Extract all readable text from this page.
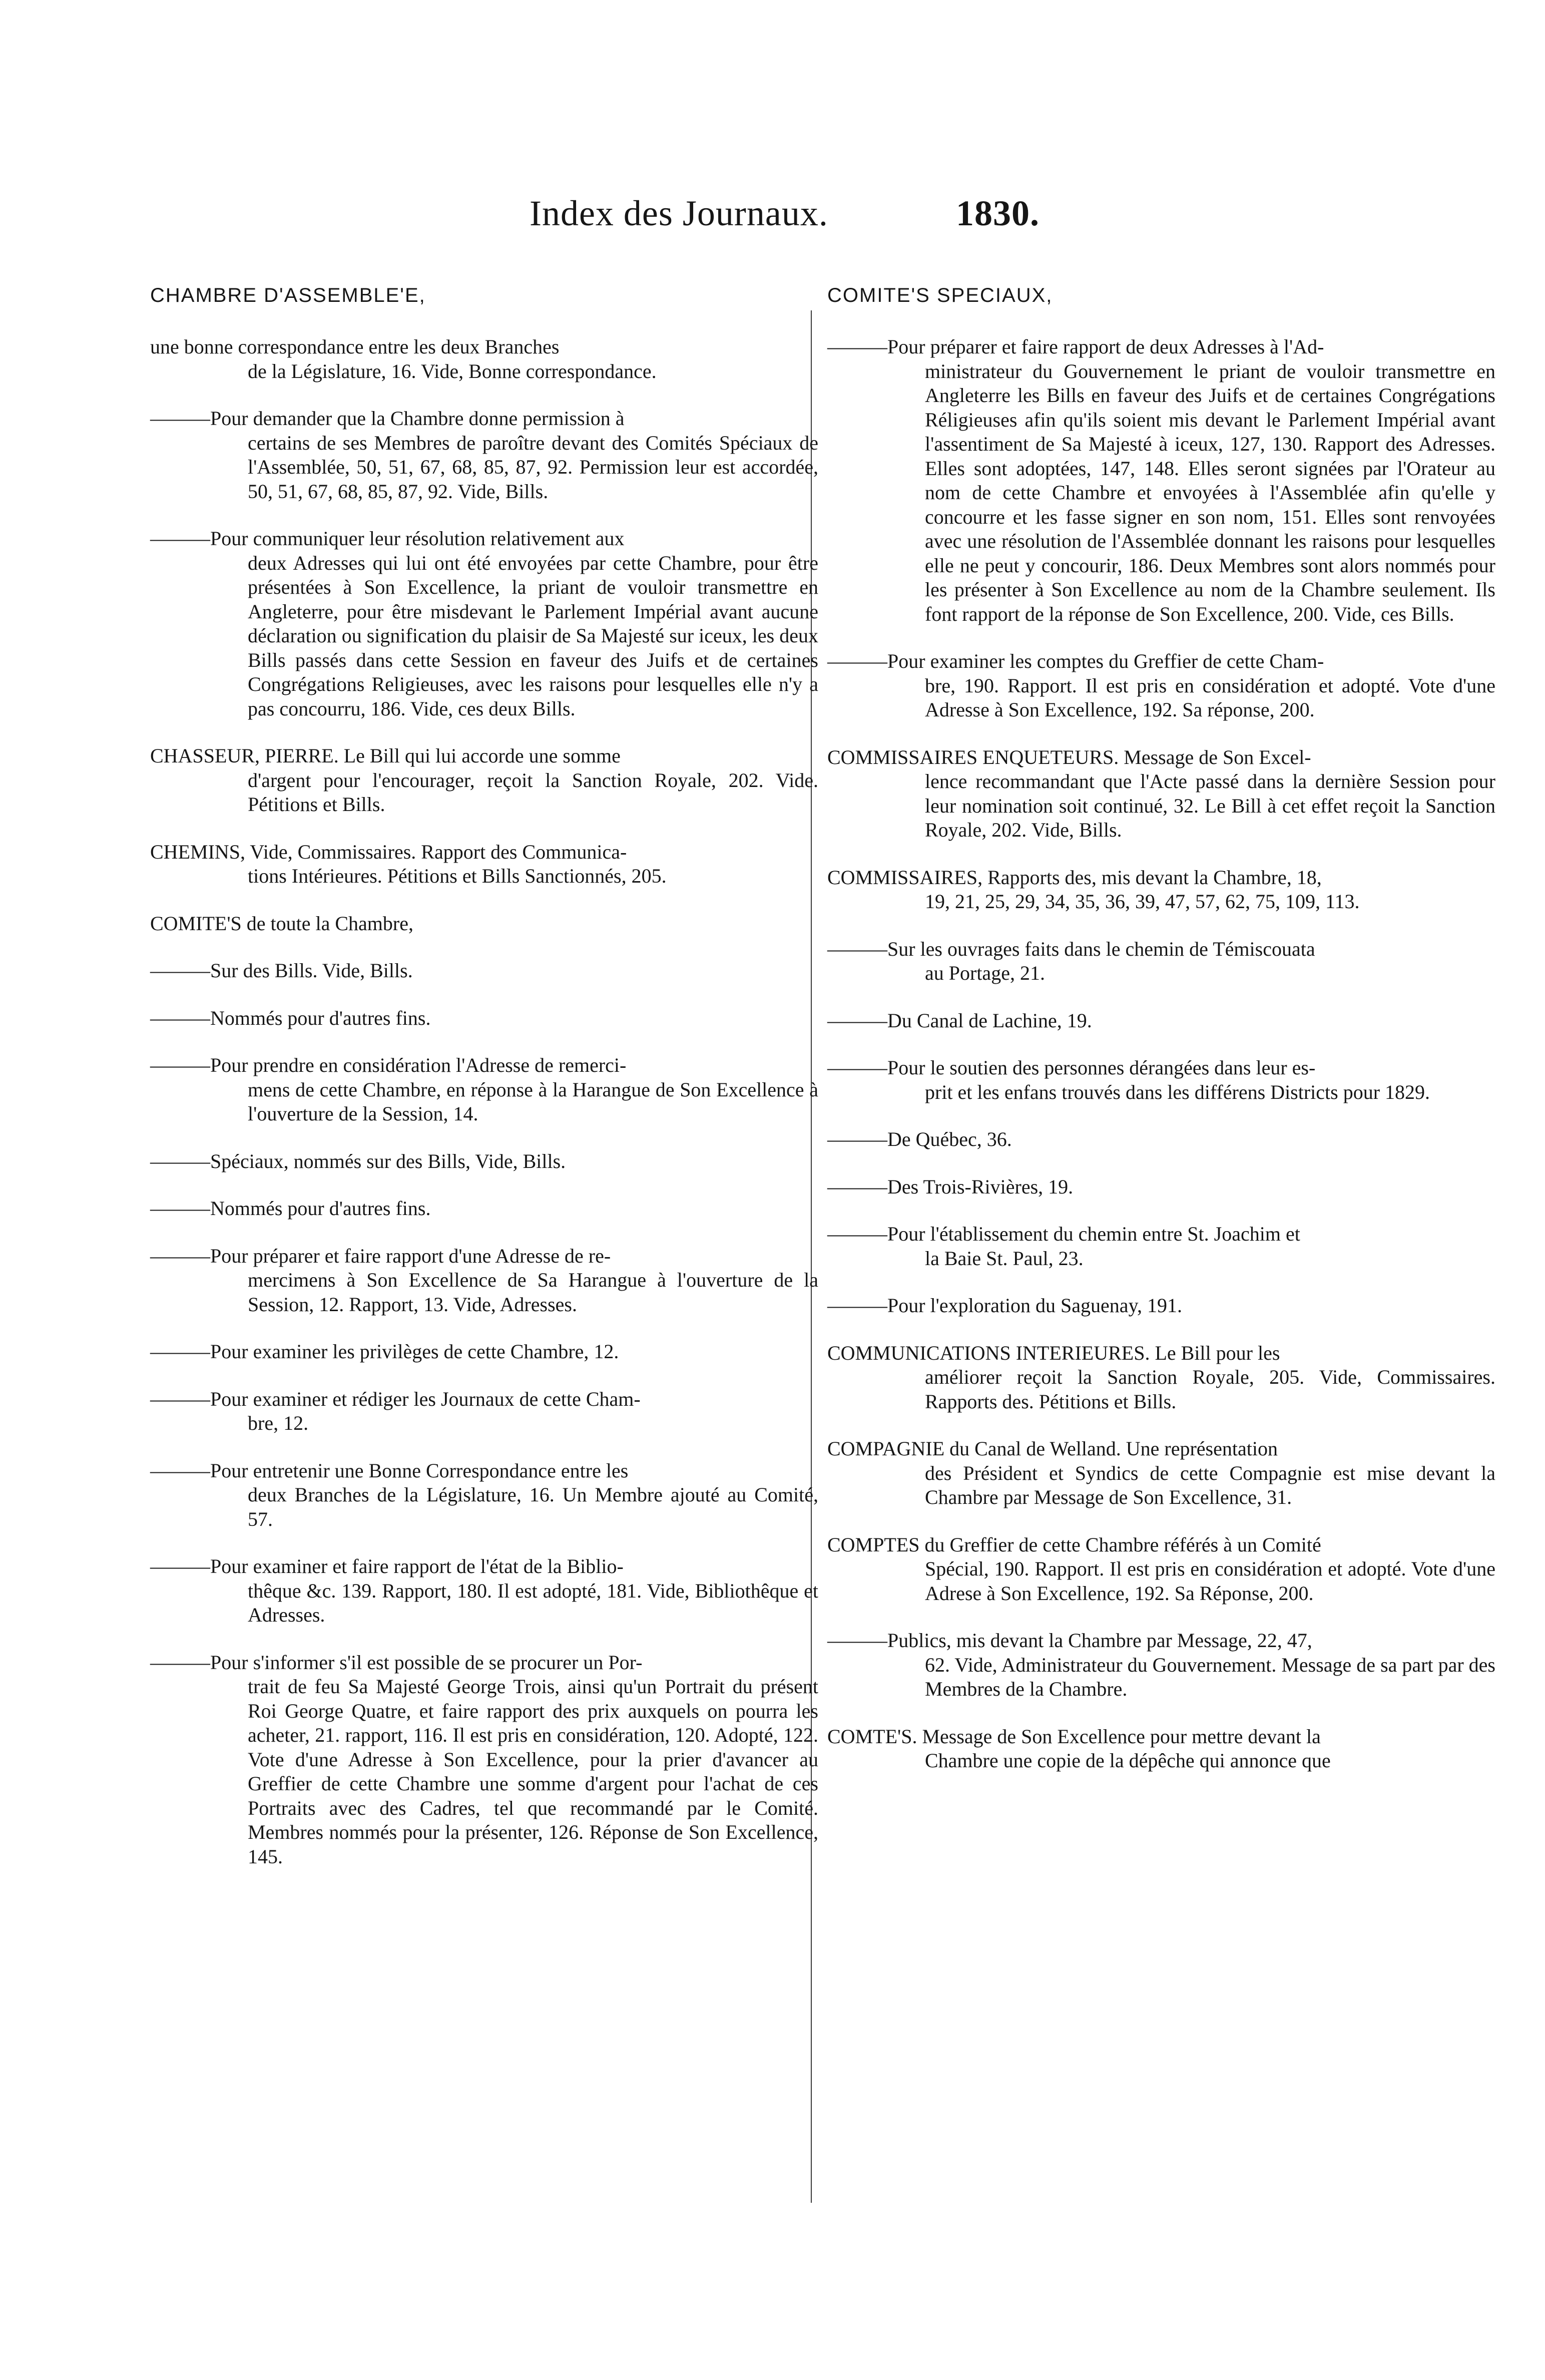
Index des Journaux.	1830.
CHAMBRE D'ASSEMBLE'E,
une bonne correspondance entre les deux Branches
de la Législature, 16. Vide, Bonne correspondance.
———Pour demander que la Chambre donne permission à
certains de ses Membres de paroître devant des Comités Spéciaux de l'Assemblée, 50, 51, 67, 68, 85, 87, 92. Permission leur est accordée, 50, 51, 67, 68, 85, 87, 92. Vide, Bills.
———Pour communiquer leur résolution relativement aux
deux Adresses qui lui ont été envoyées par cette Chambre, pour être présentées à Son Excellence, la priant de vouloir transmettre en Angleterre, pour être misdevant le Parlement Impérial avant aucune déclaration ou signification du plaisir de Sa Majesté sur iceux, les deux Bills passés dans cette Session en faveur des Juifs et de certaines Congrégations Religieuses, avec les raisons pour lesquelles elle n'y a pas concourru, 186. Vide, ces deux Bills.
CHASSEUR, PIERRE. Le Bill qui lui accorde une somme
d'argent pour l'encourager, reçoit la Sanction Royale, 202. Vide. Pétitions et Bills.
CHEMINS, Vide, Commissaires. Rapport des Communica-
tions Intérieures. Pétitions et Bills Sanctionnés, 205.
COMITE'S de toute la Chambre,
———Sur des Bills. Vide, Bills.
———Nommés pour d'autres fins.
———Pour prendre en considération l'Adresse de remerci-
mens de cette Chambre, en réponse à la Harangue de Son Excellence à l'ouverture de la Session, 14.
———Spéciaux, nommés sur des Bills, Vide, Bills.
———Nommés pour d'autres fins.
———Pour préparer et faire rapport d'une Adresse de re-
mercimens à Son Excellence de Sa Harangue à l'ouverture de la Session, 12. Rapport, 13. Vide, Adresses.
———Pour examiner les privilèges de cette Chambre, 12.
———Pour examiner et rédiger les Journaux de cette Cham-
bre, 12.
———Pour entretenir une Bonne Correspondance entre les
deux Branches de la Législature, 16. Un Membre ajouté au Comité, 57.
———Pour examiner et faire rapport de l'état de la Biblio-
thêque &c. 139. Rapport, 180. Il est adopté, 181. Vide, Bibliothêque et Adresses.
———Pour s'informer s'il est possible de se procurer un Por-
trait de feu Sa Majesté George Trois, ainsi qu'un Portrait du présent Roi George Quatre, et faire rapport des prix auxquels on pourra les acheter, 21. rapport, 116. Il est pris en considération, 120. Adopté, 122. Vote d'une Adresse à Son Excellence, pour la prier d'avancer au Greffier de cette Chambre une somme d'argent pour l'achat de ces Portraits avec des Cadres, tel que recommandé par le Comité. Membres nommés pour la présenter, 126. Réponse de Son Excellence, 145.
COMITE'S SPECIAUX,
———Pour préparer et faire rapport de deux Adresses à l'Ad-
ministrateur du Gouvernement le priant de vouloir transmettre en Angleterre les Bills en faveur des Juifs et de certaines Congrégations Réligieuses afin qu'ils soient mis devant le Parlement Impérial avant l'assentiment de Sa Majesté à iceux, 127, 130. Rapport des Adresses. Elles sont adoptées, 147, 148. Elles seront signées par l'Orateur au nom de cette Chambre et envoyées à l'Assemblée afin qu'elle y concourre et les fasse signer en son nom, 151. Elles sont renvoyées avec une résolution de l'Assemblée donnant les raisons pour lesquelles elle ne peut y concourir, 186. Deux Membres sont alors nommés pour les présenter à Son Excellence au nom de la Chambre seulement. Ils font rapport de la réponse de Son Excellence, 200. Vide, ces Bills.
———Pour examiner les comptes du Greffier de cette Cham-
bre, 190. Rapport. Il est pris en considération et adopté. Vote d'une Adresse à Son Excellence, 192. Sa réponse, 200.
COMMISSAIRES ENQUETEURS. Message de Son Excel-
lence recommandant que l'Acte passé dans la dernière Session pour leur nomination soit continué, 32. Le Bill à cet effet reçoit la Sanction Royale, 202. Vide, Bills.
COMMISSAIRES, Rapports des, mis devant la Chambre, 18,
19, 21, 25, 29, 34, 35, 36, 39, 47, 57, 62, 75, 109, 113.
———Sur les ouvrages faits dans le chemin de Témiscouata
au Portage, 21.
———Du Canal de Lachine, 19.
———Pour le soutien des personnes dérangées dans leur es-
prit et les enfans trouvés dans les différens Districts pour 1829.
———De Québec, 36.
———Des Trois-Rivières, 19.
———Pour l'établissement du chemin entre St. Joachim et
la Baie St. Paul, 23.
———Pour l'exploration du Saguenay, 191.
COMMUNICATIONS INTERIEURES. Le Bill pour les
améliorer reçoit la Sanction Royale, 205. Vide, Commissaires. Rapports des. Pétitions et Bills.
COMPAGNIE du Canal de Welland. Une représentation
des Président et Syndics de cette Compagnie est mise devant la Chambre par Message de Son Excellence, 31.
COMPTES du Greffier de cette Chambre référés à un Comité
Spécial, 190. Rapport. Il est pris en considération et adopté. Vote d'une Adrese à Son Excellence, 192. Sa Réponse, 200.
———Publics, mis devant la Chambre par Message, 22, 47,
62. Vide, Administrateur du Gouvernement. Message de sa part par des Membres de la Chambre.
COMTE'S. Message de Son Excellence pour mettre devant la
Chambre une copie de la dépêche qui annonce que
